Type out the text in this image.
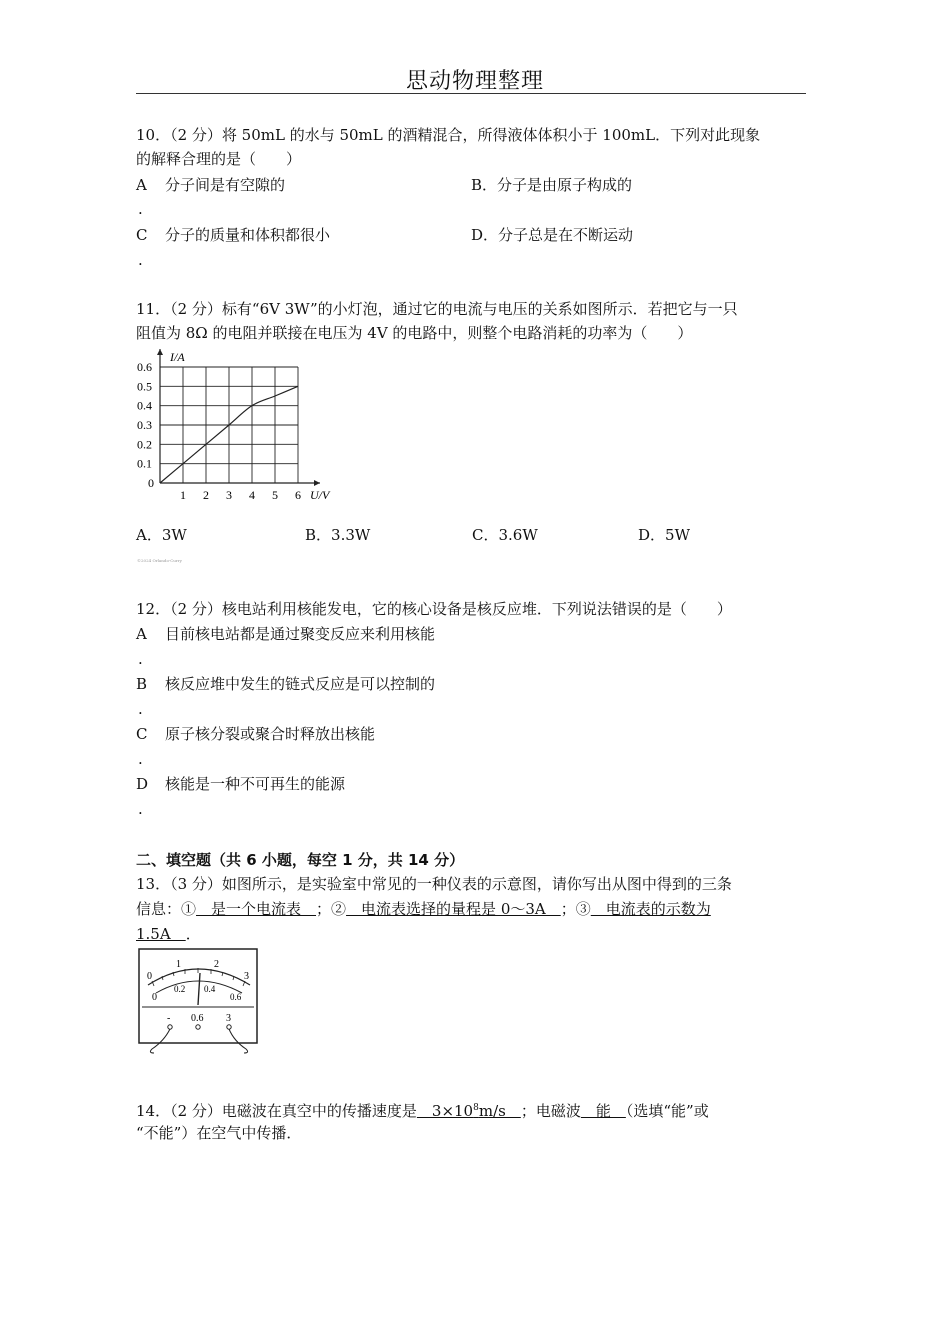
思动物理整理
10．（2 分）将 50mL 的水与 50mL 的酒精混合，所得液体体积小于 100mL．下列对此现象
的解释合理的是（　　）
A 分子间是有空隙的	B．分子是由原子构成的
.
C 分子的质量和体积都很小	D．分子总是在不断运动
.
11．（2 分）标有“6V 3W”的小灯泡，通过它的电流与电压的关系如图所示．若把它与一只
阻值为 8Ω 的电阻并联接在电压为 4V 的电路中，则整个电路消耗的功率为（　　）
1 2 3 4 5 6
0.1
0.2
0.3
0.4
0.5
0.6
0
U/V
I/A
A．3W	B．3.3W	C．3.6W	D．5W
©2024 Orlando-Curry
12．（2 分）核电站利用核能发电，它的核心设备是核反应堆．下列说法错误的是（　　）
A 目前核电站都是通过聚变反应来利用核能
.
B 核反应堆中发生的链式反应是可以控制的
.
C 原子核分裂或聚合时释放出核能
.
D 核能是一种不可再生的能源
.
二、填空题（共 6 小题，每空 1 分，共 14 分）
13．（3 分）如图所示，是实验室中常见的一种仪表的示意图，请你写出从图中得到的三条
信息：①　是一个电流表　；②　电流表选择的量程是 0～3A　；③　电流表的示数为
1.5A　．
0
1	2
3
0
0.2 0.4
0.6
- 0.6 3
14．（2 分）电磁波在真空中的传播速度是　$3\times 10^8m/s$　；电磁波　能　（选填“能”或
“不能”）在空气中传播．
